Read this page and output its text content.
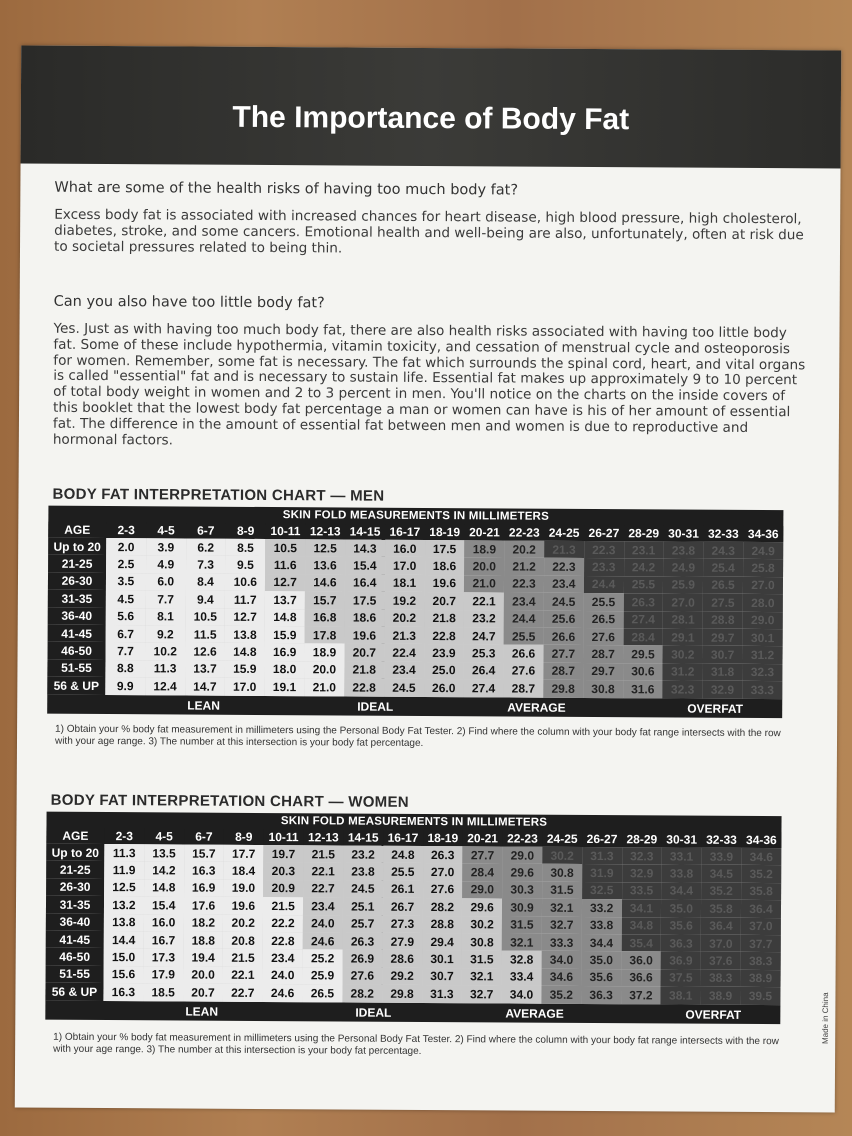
The Importance of Body Fat
What are some of the health risks of having too much body fat?

Excess body fat is associated with increased chances for heart disease, high blood pressure, high cholesterol, diabetes, stroke, and some cancers. Emotional health and well-being are also, unfortunately, often at risk due to societal pressures related to being thin.

Can you also have too little body fat?

Yes. Just as with having too much body fat, there are also health risks associated with having too little body fat. Some of these include hypothermia, vitamin toxicity, and cessation of menstrual cycle and osteoporosis for women. Remember, some fat is necessary. The fat which surrounds the spinal cord, heart, and vital organs is called "essential" fat and is necessary to sustain life. Essential fat makes up approximately 9 to 10 percent of total body weight in women and 2 to 3 percent in men. You'll notice on the charts on the inside covers of this booklet that the lowest body fat percentage a man or women can have is his of her amount of essential fat. The difference in the amount of essential fat between men and women is due to reproductive and hormonal factors.

BODY FAT INTERPRETATION CHART — MEN
SKIN FOLD MEASUREMENTS IN MILLIMETERS
AGE	2-3	4-5	6-7	8-9	10-11	12-13	14-15	16-17	18-19	20-21	22-23	24-25	26-27	28-29	30-31	32-33	34-36
Up to 20	2.0	3.9	6.2	8.5	10.5	12.5	14.3	16.0	17.5	18.9	20.2	21.3	22.3	23.1	23.8	24.3	24.9
21-25	2.5	4.9	7.3	9.5	11.6	13.6	15.4	17.0	18.6	20.0	21.2	22.3	23.3	24.2	24.9	25.4	25.8
26-30	3.5	6.0	8.4	10.6	12.7	14.6	16.4	18.1	19.6	21.0	22.3	23.4	24.4	25.5	25.9	26.5	27.0
31-35	4.5	7.7	9.4	11.7	13.7	15.7	17.5	19.2	20.7	22.1	23.4	24.5	25.5	26.3	27.0	27.5	28.0
36-40	5.6	8.1	10.5	12.7	14.8	16.8	18.6	20.2	21.8	23.2	24.4	25.6	26.5	27.4	28.1	28.8	29.0
41-45	6.7	9.2	11.5	13.8	15.9	17.8	19.6	21.3	22.8	24.7	25.5	26.6	27.6	28.4	29.1	29.7	30.1
46-50	7.7	10.2	12.6	14.8	16.9	18.9	20.7	22.4	23.9	25.3	26.6	27.7	28.7	29.5	30.2	30.7	31.2
51-55	8.8	11.3	13.7	15.9	18.0	20.0	21.8	23.4	25.0	26.4	27.6	28.7	29.7	30.6	31.2	31.8	32.3
56 & UP	9.9	12.4	14.7	17.0	19.1	21.0	22.8	24.5	26.0	27.4	28.7	29.8	30.8	31.6	32.3	32.9	33.3
LEAN	IDEAL	AVERAGE	OVERFAT

1) Obtain your % body fat measurement in millimeters using the Personal Body Fat Tester. 2) Find where the column with your body fat range intersects with the row with your age range. 3) The number at this intersection is your body fat percentage.

BODY FAT INTERPRETATION CHART — WOMEN
SKIN FOLD MEASUREMENTS IN MILLIMETERS
AGE	2-3	4-5	6-7	8-9	10-11	12-13	14-15	16-17	18-19	20-21	22-23	24-25	26-27	28-29	30-31	32-33	34-36
Up to 20	11.3	13.5	15.7	17.7	19.7	21.5	23.2	24.8	26.3	27.7	29.0	30.2	31.3	32.3	33.1	33.9	34.6
21-25	11.9	14.2	16.3	18.4	20.3	22.1	23.8	25.5	27.0	28.4	29.6	30.8	31.9	32.9	33.8	34.5	35.2
26-30	12.5	14.8	16.9	19.0	20.9	22.7	24.5	26.1	27.6	29.0	30.3	31.5	32.5	33.5	34.4	35.2	35.8
31-35	13.2	15.4	17.6	19.6	21.5	23.4	25.1	26.7	28.2	29.6	30.9	32.1	33.2	34.1	35.0	35.8	36.4
36-40	13.8	16.0	18.2	20.2	22.2	24.0	25.7	27.3	28.8	30.2	31.5	32.7	33.8	34.8	35.6	36.4	37.0
41-45	14.4	16.7	18.8	20.8	22.8	24.6	26.3	27.9	29.4	30.8	32.1	33.3	34.4	35.4	36.3	37.0	37.7
46-50	15.0	17.3	19.4	21.5	23.4	25.2	26.9	28.6	30.1	31.5	32.8	34.0	35.0	36.0	36.9	37.6	38.3
51-55	15.6	17.9	20.0	22.1	24.0	25.9	27.6	29.2	30.7	32.1	33.4	34.6	35.6	36.6	37.5	38.3	38.9
56 & UP	16.3	18.5	20.7	22.7	24.6	26.5	28.2	29.8	31.3	32.7	34.0	35.2	36.3	37.2	38.1	38.9	39.5
LEAN	IDEAL	AVERAGE	OVERFAT

1) Obtain your % body fat measurement in millimeters using the Personal Body Fat Tester. 2) Find where the column with your body fat range intersects with the row with your age range. 3) The number at this intersection is your body fat percentage.

Made in China
